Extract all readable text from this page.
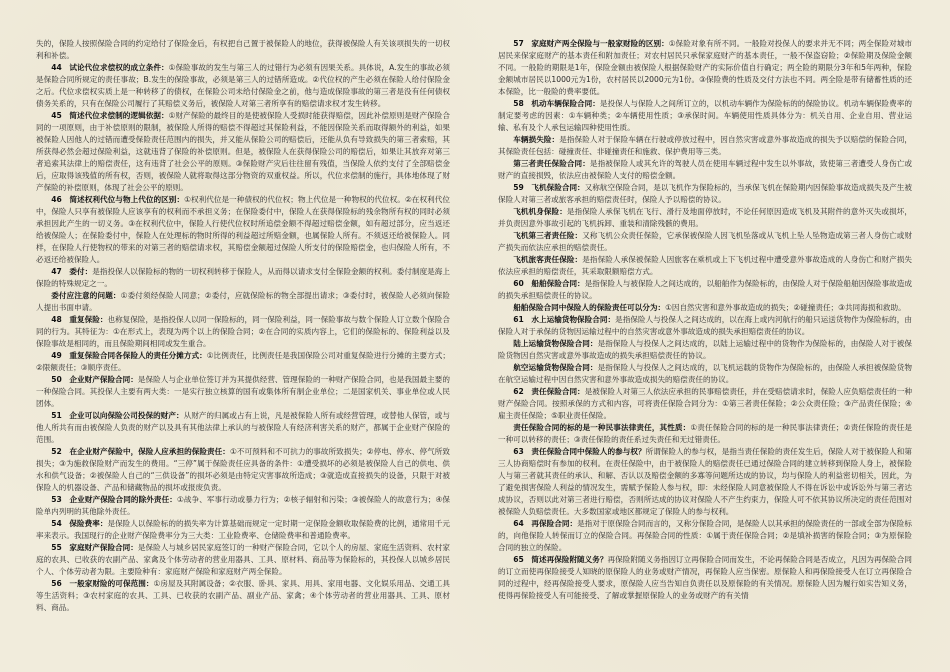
失的，保险人按照保险合同的约定给付了保险金后，有权把自己置于被保险人的地位，获得被保险人有关该项损失的一切权利和补偿。

44　试论代位求偿权的成立条件：①保险事故的发生与第三人的过错行为必须有因果关系。具体说，A.发生的事故必须是保险合同所规定的责任事故；B.发生的保险事故，必须是第三人的过错所造成。②代位权的产生必须在保险人给付保险金之后。代位求偿权实质上是一种转移了的债权，在保险公司未给付保险金之前，他与造成保险事故的第三者是没有任何债权债务关系的，只有在保险公司履行了其赔偿义务后，被保险人对第三者所享有的赔偿请求权才发生转移。

45　简述代位求偿制的逻辑依据：①财产保险的最终目的是使被保险人受损时能获得赔偿，因此补偿原则是财产保险合同的一项原则，由于补偿原则的限制，被保险人所得的赔偿不得超过其保险利益，不能因保险关系而取得额外的利益，如果被保险人因他人的过错而遭受保险责任范围内的损失，并又能从保险公司的赔偿后，还能从负有导致损失的第三者索赔，其所获得必然会超过保险利益，这就违背了保险的补偿原则。但是，被保险人在获得保险公司的赔偿后，如果让其放弃对第三者追索其法律上的赔偿责任，这有违背了社会公平的原则。③保险财产灾后往往留有残值，当保险人依约支付了全部赔偿金后，应取得该残值的所有权，否则，被保险人就将取得这部分物资的双重权益。所以，代位求偿制的施行，具体地体现了财产保险的补偿原则，体现了社会公平的原则。

46　简述权利代位与物上代位的区别：①权利代位是一种债权的代位权；物上代位是一种物权的代位权。②在权利代位中，保险人只享有被保险人应该享有的权利而不承担义务；在保险委付中，保险人在获得保险标的残余物所有权的同时必须承担因此产生的一切义务。③在权利代位中，保险人行使代位权时所追偿金额不得超过赔偿金额，如有超过部分，应当返还给被保险人；在保险委付中，保险人在处理标的物时所得的利益超过所赔金额，也属保险人所有。不须返还给被保险人。同样，在保险人行使物权的带来的对第三者的赔偿请求权，其赔偿金额超过保险人所支付的保险赔偿金，也归保险人所有，不必返还给被保险人。

47　委付：是指投保人以保险标的物的一切权利转移于保险人，从而得以请求支付全保险金额的权利。委付制度是海上保险的特殊规定之一。

委付应注意的问题：①委付须经保险人同意；②委付，应就保险标的物全部提出请求；③委付时，被保险人必须向保险人提出书面申请。

48　重复保险：也称复保险，是指投保人以同一保险标的，同一保险利益，同一保险事故与数个保险人订立数个保险合同的行为。其特征为：①在形式上，表现为两个以上的保险合同；②在合同的实质内容上，它们的保险标的、保险利益以及保险事故是相同的，而且保险期间相同或发生重合。

49　重复保险合同各保险人的责任分摊方式：①比例责任，比例责任是我国保险公司对重复保险进行分摊的主要方式；②限额责任；③顺序责任。

50　企业财产保险合同：是保险人与企业单位签订并为其提供经营、管理保险的一种财产保险合同，也是我国最主要的一种保险合同。其投保人主要有两大类：一是实行独立核算的国有或集体所有制企业单位；二是国家机关、事业单位或人民团体。

51　企业可以向保险公司投保的财产：从财产的归属或占有上说，凡是被保险人所有或经营管理，或替他人保管，或与他人所共有而由被保险人负责的财产以及具有其他法律上承认的与被保险人有经济利害关系的财产，都属于企业财产保险的范围。

52　在企业财产保险中，保险人应承担的保险责任：①不可预料和不可抗力的事故所致损失；②停电、停水、停气所致损失；③为施救保险财产而发生的费用。“三停”属于保险责任应具备的条件：①遭受损坏的必须是被保险人自己的供电、供水和供气设备；②被保险人自己的“三供设备”的损坏必须是由特定灾害事故所造成；③就造成直接损失的设备，只限于对被保险人的机器设备、产品和储藏物品的损坏或报废负责。

53　企业财产保险合同的除外责任：①战争、军事行动或暴力行为；②核子辐射和污染；③被保险人的故意行为；④保险单内列明的其他除外责任。

54　保险费率：是保险人以保险标的的损失率为计算基础而规定一定时期一定保险金额收取保险费的比例，通常用千元率来表示。我国现行的企业财产保险费率分为三大类：工业险费率、仓储险费率和普通险费率。

55　家庭财产保险合同：是保险人与城乡居民家庭签订的一种财产保险合同，它以个人的房屋、家庭生活资料、农村家庭的农具、已收获的农副产品、家禽及个体劳动者的营业用器具、工具、原材料、商品等为保险标的，其投保人以城乡居民个人、个体劳动者为限。主要险种有：家庭财产保险和家庭财产两全保险。

56　一般家财险的可保范围：①房屋及其附属设备；②衣服、卧具、家具、用具、家用电器、文化娱乐用品、交通工具等生活资料；③农村家庭的农具、工具、已收获的农副产品、副业产品、家禽；④个体劳动者的营业用器具、工具、原材料、商品。

57　家庭财产两全保险与一般家财险的区别：①保险对象有所不同。一般险对投保人的要求并无不同；两全保险对城市居民来保家庭财产的基本责任和附加责任；对农村居民只承保家庭财产的基本责任，一般不保盗窃险；②保险期及保险金额不同。一般险的期限是1年，保险金额由被保险人根据保险财产的实际价值自行确定；两全险的期限分3年和5年两种，保险金额城市居民以1000元为1份，农村居民以2000元为1份。③保险费的性质及交付方法也不同。两全险是带有储蓄性质的还本保险，比一般险的费率要低。

58　机动车辆保险合同：是投保人与保险人之间所订立的，以机动车辆作为保险标的的保险协议。机动车辆保险费率的制定要考虑的因素：①车辆种类；②车辆使用性质；③承保时间。车辆使用性质具体分为：机关自用、企业自用、营业运输、私有及个人承包运输四种使用性质。

车辆损失险：是指保险人对于保险车辆在行驶或停放过程中，因自然灾害或意外事故造成的损失予以赔偿的保险合同，其保险责任包括：碰撞责任、非碰撞责任和施救、保护费用等三类。

第三者责任保险合同：是指被保险人或其允许的驾驶人员在使用车辆过程中发生以外事故，致使第三者遭受人身伤亡或财产的直接损毁，依法应由被保险人支付的赔偿金额。

59　飞机保险合同：又称航空保险合同，是以飞机作为保险标的，当承保飞机在保险期内因保险事故造成损失及产生被保险人对第三者或旅客承担的赔偿责任时，保险人予以赔偿的协议。

飞机机身保险：是指保险人承保飞机在飞行、滑行及地面停放时，不论任何原因造成飞机及其附件的意外灭失或损坏，并负责因意外事故引起的飞机拆卸、重装和清除残骸的费用。

飞机第三者责任险：又称飞机公众责任保险，它承保被保险人因飞机坠落或从飞机上坠人坠物造成第三者人身伤亡或财产损失而依法应承担的赔偿责任。

飞机旅客责任保险：是指保险人承保被保险人因旅客在乘机或上下飞机过程中遭受意外事故造成的人身伤亡和财产损失依法应承担的赔偿责任，其采取限额赔偿方式。

60　船舶保险合同：是指保险人与被保险人之间达成的，以船舶作为保险标的，由保险人对于保险船舶因保险事故造成的损失承担赔偿责任的协议。

船舶保险合同中保险人的保险责任可以分为：①因自然灾害和意外事故造成的损失；②碰撞责任；③共同海损和救助。

61　水上运输货物保险合同：是指保险人与投保人之间达成的，以在海上或内河航行的船只运送货物作为保险标的，由保险人对于承保的货物因运输过程中的自然灾害或意外事故造成的损失承担赔偿责任的协议。

陆上运输货物保险合同：是指保险人与投保人之间达成的，以陆上运输过程中的货物作为保险标的，由保险人对于被保险货物因自然灾害或意外事故造成的损失承担赔偿责任的协议。

航空运输货物保险合同：是指保险人与投保人之间达成的，以飞机运载的货物作为保险标的，由保险人承担被保险货物在航空运输过程中因自然灾害和意外事故造成损失的赔偿责任的协议。

62　责任保险合同：是被保险人对第三人依法应承担的民事赔偿责任，并在受赔偿请求时，保险人应负赔偿责任的一种财产保险合同。按照承保的方式和内容，可将责任保险合同分为：①第三者责任保险；②公众责任险；③产品责任保险；④雇主责任保险；⑤职业责任保险。

责任保险合同的标的是一种民事法律责任，其性质：①责任保险合同的标的是一种民事法律责任；②责任保险的责任是一种可以转移的责任；③责任保险的责任系过失责任和无过错责任。

63　责任保险合同中保险人的参与权？所谓保险人的参与权，是指当责任保险的责任发生后，保险人对于被保险人和第三人协商赔偿时有参加的权利。在责任保险中，由于被保险人的赔偿责任已通过保险合同的建立转移到保险人身上，被保险人与第三者就其责任的承认、和解、否认以及赔偿金额的多寡等问题所达成的协议，均与保险人的利益密切相关，因此，为了避免损害保险人利益的情况发生，需赋予保险人参与权，即：未经保险人同意被保险人不得在诉讼中或诉讼外与第三者达成协议，否则以此对第三者进行赔偿，否则所达成的协议对保险人不产生约束力，保险人可不依其协议所决定的责任范围对被保险人负赔偿责任。大多数国家或地区都规定了保险人的参与权利。

64　再保险合同：是指对于原保险合同而言的，又称分保险合同，是保险人以其承担的保险责任的一部或全部为保险标的，向他保险人转保而订立的保险合同。再保险合同的性质：①属于责任保险合同；②是填补损害的保险合同；③为原保险合同的独立的保险。

65　简述再保险附随义务？再保险附随义务指因订立再保险合同而发生，不论再保险合同是否成立，凡因为再保险合同的订立而使再保险接受人知晓的原保险人的业务或财产情况，再保险人应当保密。原保险人和再保险接受人在订立再保险合同的过程中，经再保险接受人要求，原保险人应当告知自负责任以及原保险的有关情况。原保险人因为履行如实告知义务，使得再保险接受人有可能接受、了解或掌握原保险人的业务或财产的有关情
